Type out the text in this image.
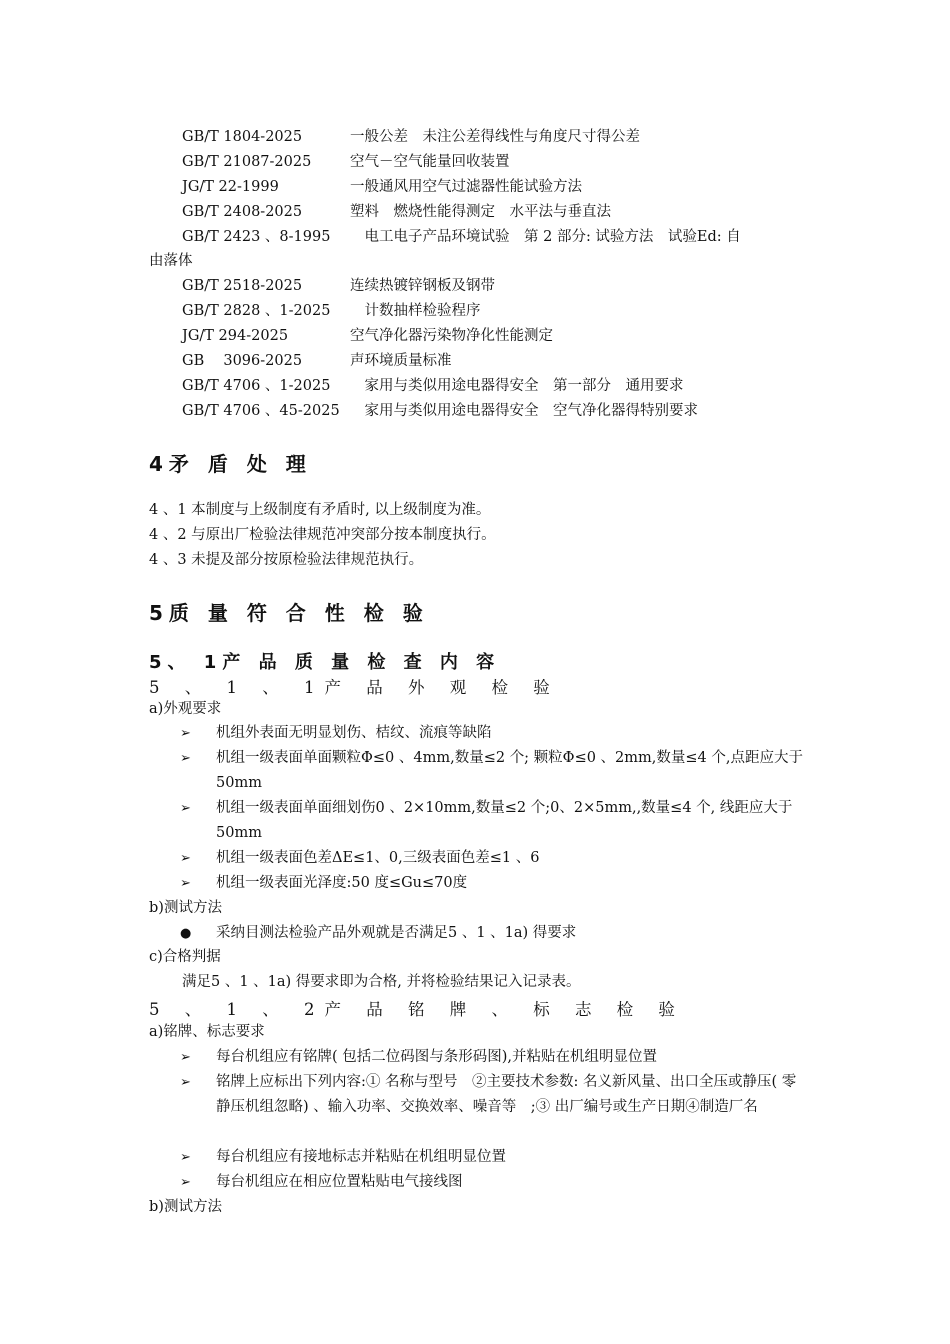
GB/T 1804-2025	一般公差　未注公差得线性与角度尺寸得公差
GB/T 21087-2025	空气－空气能量回收装置
JG/T 22-1999	一般通风用空气过滤器性能试验方法
GB/T 2408-2025	塑料　燃烧性能得测定　水平法与垂直法
GB/T 2423 、8-1995　电工电子产品环境试验　第 2 部分: 试验方法　试验Ed: 自
由落体
GB/T 2518-2025	连续热镀锌钢板及钢带
GB/T 2828 、1-2025　计数抽样检验程序
JG/T 294-2025	空气净化器污染物净化性能测定
GB　 3096-2025	声环境质量标准
GB/T 4706 、1-2025　家用与类似用途电器得安全　第一部分　通用要求
GB/T 4706 、45-2025　家用与类似用途电器得安全　空气净化器得特别要求
4矛 盾 处 理
4 、1 本制度与上级制度有矛盾时, 以上级制度为准。
4 、2 与原出厂检验法律规范冲突部分按本制度执行。
4 、3 未提及部分按原检验法律规范执行。
5质 量 符 合 性 检 验
5、 1产 品 质 量 检 查 内 容
5 、 1 、 1产 品 外 观 检 验
a)外观要求
➢	机组外表面无明显划伤、桔纹、流痕等缺陷
➢	机组一级表面单面颗粒Φ≤0 、4mm,数量≤2 个; 颗粒Φ≤0 、2mm,数量≤4 个,点距应大于50mm
➢	机组一级表面单面细划伤0 、2×10mm,数量≤2 个;0、2×5mm,,数量≤4 个, 线距应大于50mm
➢	机组一级表面色差ΔE≤1、0,三级表面色差≤1 、6
➢	机组一级表面光泽度:50 度≤Gu≤70度
b)测试方法
●	采纳目测法检验产品外观就是否满足5 、1 、1a) 得要求
c)合格判据
满足5 、1 、1a) 得要求即为合格, 并将检验结果记入记录表。
5 、 1 、 2产 品 铭 牌 、 标 志 检 验
a)铭牌、标志要求
➢	每台机组应有铭牌( 包括二位码图与条形码图),并粘贴在机组明显位置
➢	铭牌上应标出下列内容:① 名称与型号　②主要技术参数: 名义新风量、出口全压或静压( 零静压机组忽略) 、输入功率、交换效率、噪音等　;③ 出厂编号或生产日期④制造厂名
➢	每台机组应有接地标志并粘贴在机组明显位置
➢	每台机组应在相应位置粘贴电气接线图
b)测试方法
